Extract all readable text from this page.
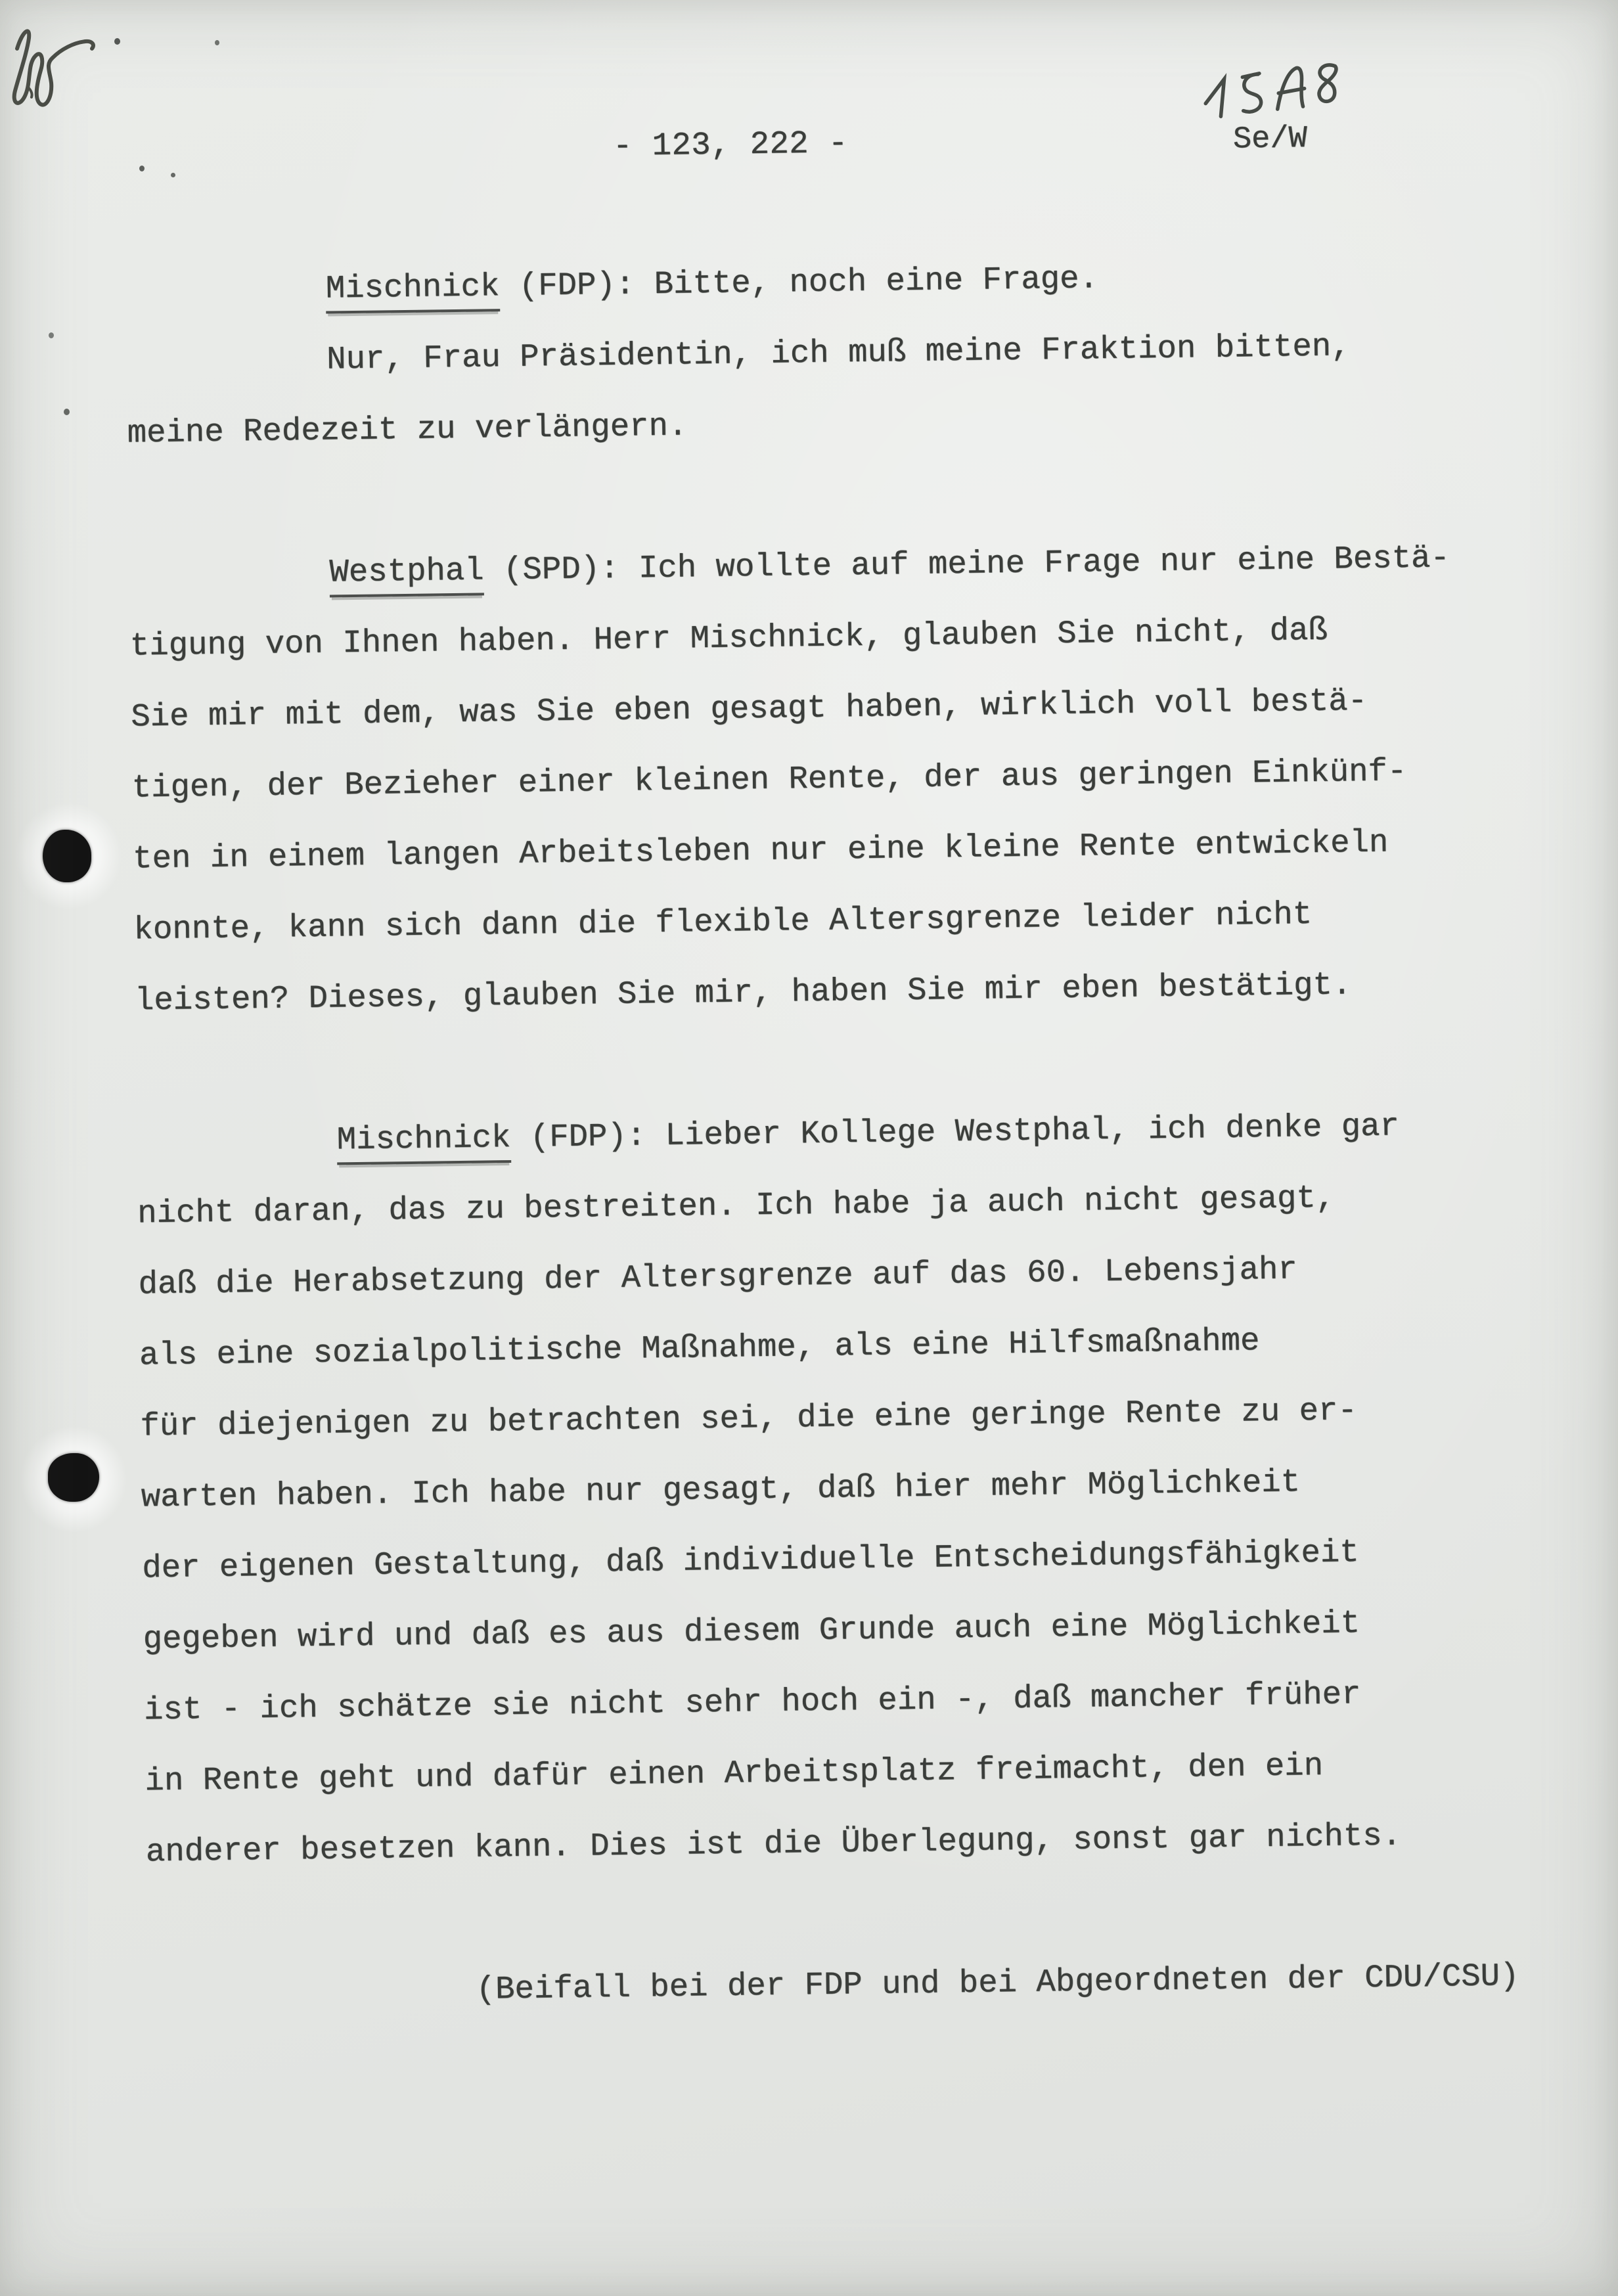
- 123, 222 -	Se/W
Mischnick (FDP): Bitte, noch eine Frage.
Nur, Frau Präsidentin, ich muß meine Fraktion bitten,
meine Redezeit zu verlängern.
Westphal (SPD): Ich wollte auf meine Frage nur eine Bestä-
tigung von Ihnen haben. Herr Mischnick, glauben Sie nicht, daß
Sie mir mit dem, was Sie eben gesagt haben, wirklich voll bestä-
tigen, der Bezieher einer kleinen Rente, der aus geringen Einkünf-
ten in einem langen Arbeitsleben nur eine kleine Rente entwickeln
konnte, kann sich dann die flexible Altersgrenze leider nicht
leisten? Dieses, glauben Sie mir, haben Sie mir eben bestätigt.
Mischnick (FDP): Lieber Kollege Westphal, ich denke gar
nicht daran, das zu bestreiten. Ich habe ja auch nicht gesagt,
daß die Herabsetzung der Altersgrenze auf das 60. Lebensjahr
als eine sozialpolitische Maßnahme, als eine Hilfsmaßnahme
für diejenigen zu betrachten sei, die eine geringe Rente zu er-
warten haben. Ich habe nur gesagt, daß hier mehr Möglichkeit
der eigenen Gestaltung, daß individuelle Entscheidungsfähigkeit
gegeben wird und daß es aus diesem Grunde auch eine Möglichkeit
ist - ich schätze sie nicht sehr hoch ein -, daß mancher früher
in Rente geht und dafür einen Arbeitsplatz freimacht, den ein
anderer besetzen kann. Dies ist die Überlegung, sonst gar nichts.
(Beifall bei der FDP und bei Abgeordneten der CDU/CSU)
